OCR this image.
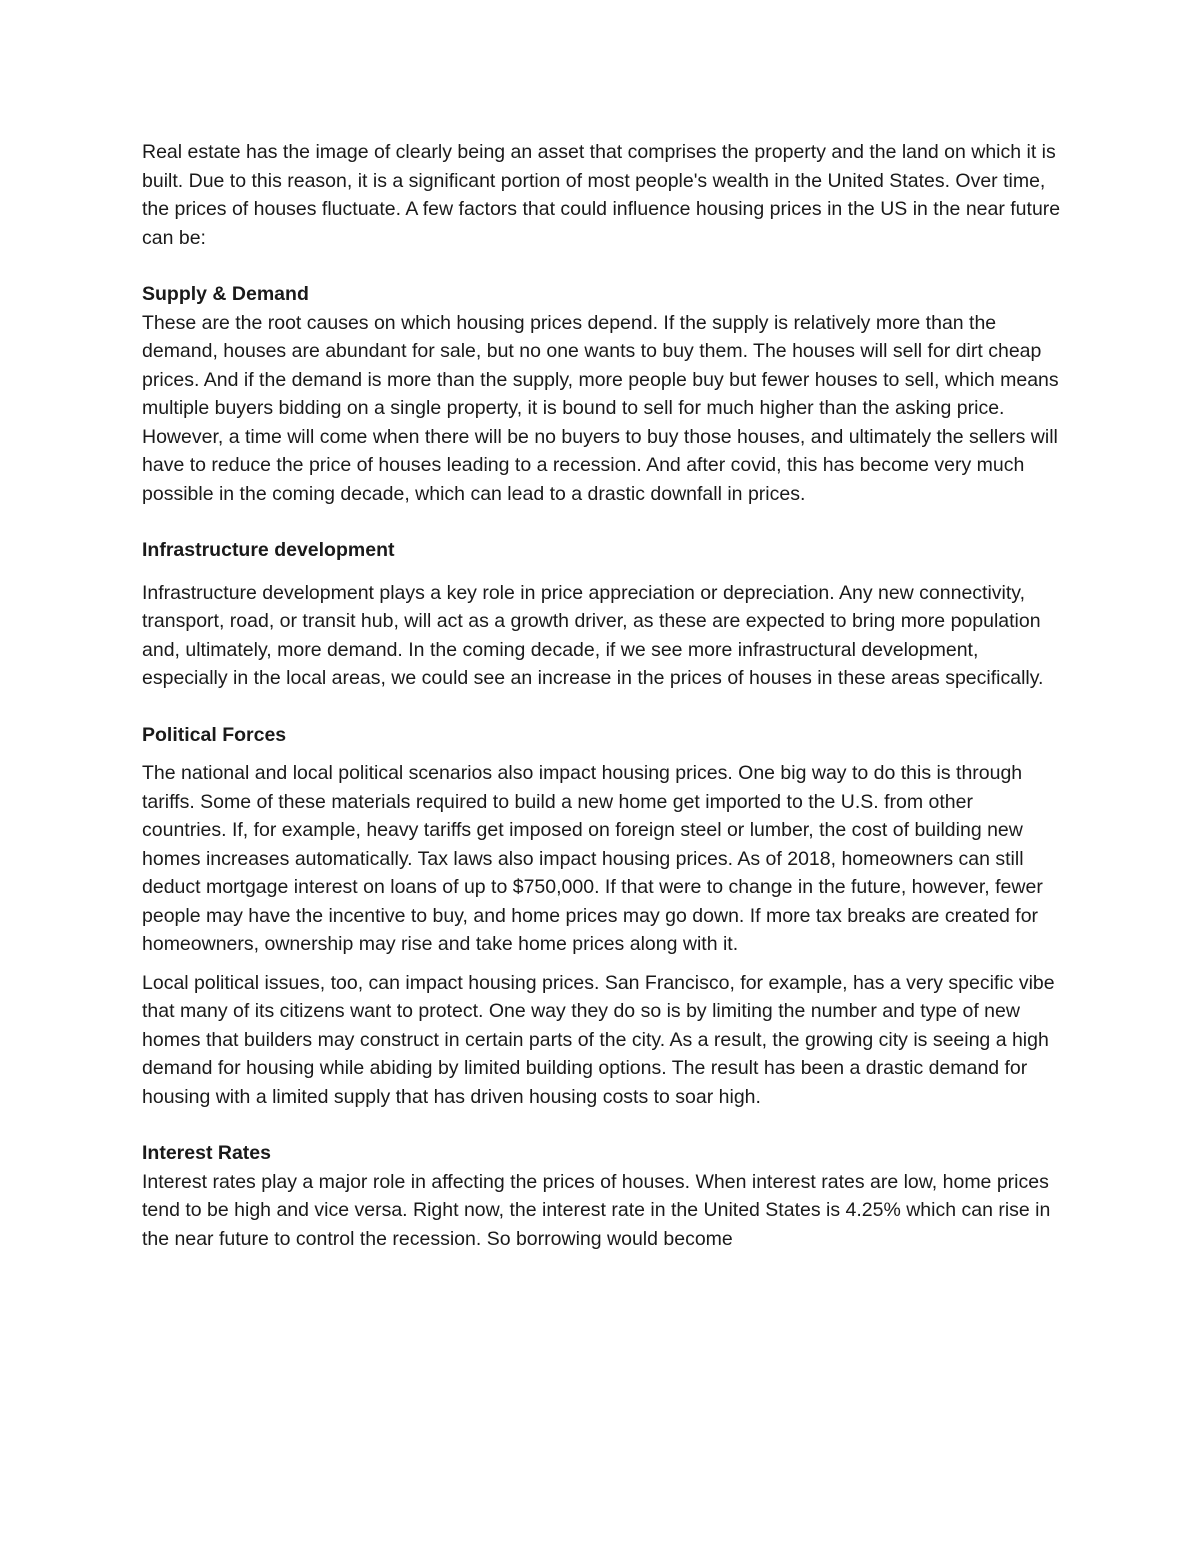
Real estate has the image of clearly being an asset that comprises the property and the land on which it is built. Due to this reason, it is a significant portion of most people's wealth in the United States. Over time, the prices of houses fluctuate. A few factors that could influence housing prices in the US in the near future can be:

Supply & Demand

These are the root causes on which housing prices depend. If the supply is relatively more than the demand, houses are abundant for sale, but no one wants to buy them. The houses will sell for dirt cheap prices. And if the demand is more than the supply, more people buy but fewer houses to sell, which means multiple buyers bidding on a single property, it is bound to sell for much higher than the asking price. However, a time will come when there will be no buyers to buy those houses, and ultimately the sellers will have to reduce the price of houses leading to a recession. And after covid, this has become very much possible in the coming decade, which can lead to a drastic downfall in prices.

Infrastructure development

Infrastructure development plays a key role in price appreciation or depreciation. Any new connectivity, transport, road, or transit hub, will act as a growth driver, as these are expected to bring more population and, ultimately, more demand. In the coming decade, if we see more infrastructural development, especially in the local areas, we could see an increase in the prices of houses in these areas specifically.

Political Forces

The national and local political scenarios also impact housing prices. One big way to do this is through tariffs. Some of these materials required to build a new home get imported to the U.S. from other countries. If, for example, heavy tariffs get imposed on foreign steel or lumber, the cost of building new homes increases automatically. Tax laws also impact housing prices. As of 2018, homeowners can still deduct mortgage interest on loans of up to $750,000. If that were to change in the future, however, fewer people may have the incentive to buy, and home prices may go down. If more tax breaks are created for homeowners, ownership may rise and take home prices along with it.

Local political issues, too, can impact housing prices. San Francisco, for example, has a very specific vibe that many of its citizens want to protect. One way they do so is by limiting the number and type of new homes that builders may construct in certain parts of the city. As a result, the growing city is seeing a high demand for housing while abiding by limited building options. The result has been a drastic demand for housing with a limited supply that has driven housing costs to soar high.

Interest Rates

Interest rates play a major role in affecting the prices of houses. When interest rates are low, home prices tend to be high and vice versa. Right now, the interest rate in the United States is 4.25% which can rise in the near future to control the recession. So borrowing would become
